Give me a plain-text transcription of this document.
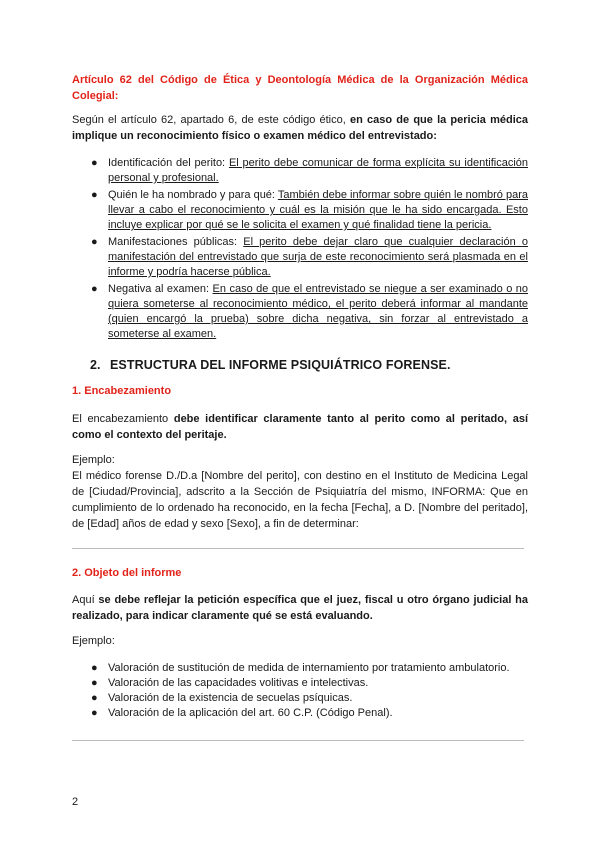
Artículo 62 del Código de Ética y Deontología Médica de la Organización Médica Colegial:

Según el artículo 62, apartado 6, de este código ético, en caso de que la pericia médica implique un reconocimiento físico o examen médico del entrevistado:

● Identificación del perito: El perito debe comunicar de forma explícita su identificación personal y profesional.
● Quién le ha nombrado y para qué: También debe informar sobre quién le nombró para llevar a cabo el reconocimiento y cuál es la misión que le ha sido encargada. Esto incluye explicar por qué se le solicita el examen y qué finalidad tiene la pericia.
● Manifestaciones públicas: El perito debe dejar claro que cualquier declaración o manifestación del entrevistado que surja de este reconocimiento será plasmada en el informe y podría hacerse pública.
● Negativa al examen: En caso de que el entrevistado se niegue a ser examinado o no quiera someterse al reconocimiento médico, el perito deberá informar al mandante (quien encargó la prueba) sobre dicha negativa, sin forzar al entrevistado a someterse al examen.
2. ESTRUCTURA DEL INFORME PSIQUIÁTRICO FORENSE.
1. Encabezamiento

El encabezamiento debe identificar claramente tanto al perito como al peritado, así como el contexto del peritaje.

Ejemplo:

El médico forense D./D.a [Nombre del perito], con destino en el Instituto de Medicina Legal de [Ciudad/Provincia], adscrito a la Sección de Psiquiatría del mismo, INFORMA: Que en cumplimiento de lo ordenado ha reconocido, en la fecha [Fecha], a D. [Nombre del peritado], de [Edad] años de edad y sexo [Sexo], a fin de determinar:

2. Objeto del informe

Aquí se debe reflejar la petición específica que el juez, fiscal u otro órgano judicial ha realizado, para indicar claramente qué se está evaluando.

Ejemplo:

● Valoración de sustitución de medida de internamiento por tratamiento ambulatorio.
● Valoración de las capacidades volitivas e intelectivas.
● Valoración de la existencia de secuelas psíquicas.
● Valoración de la aplicación del art. 60 C.P. (Código Penal).
2
